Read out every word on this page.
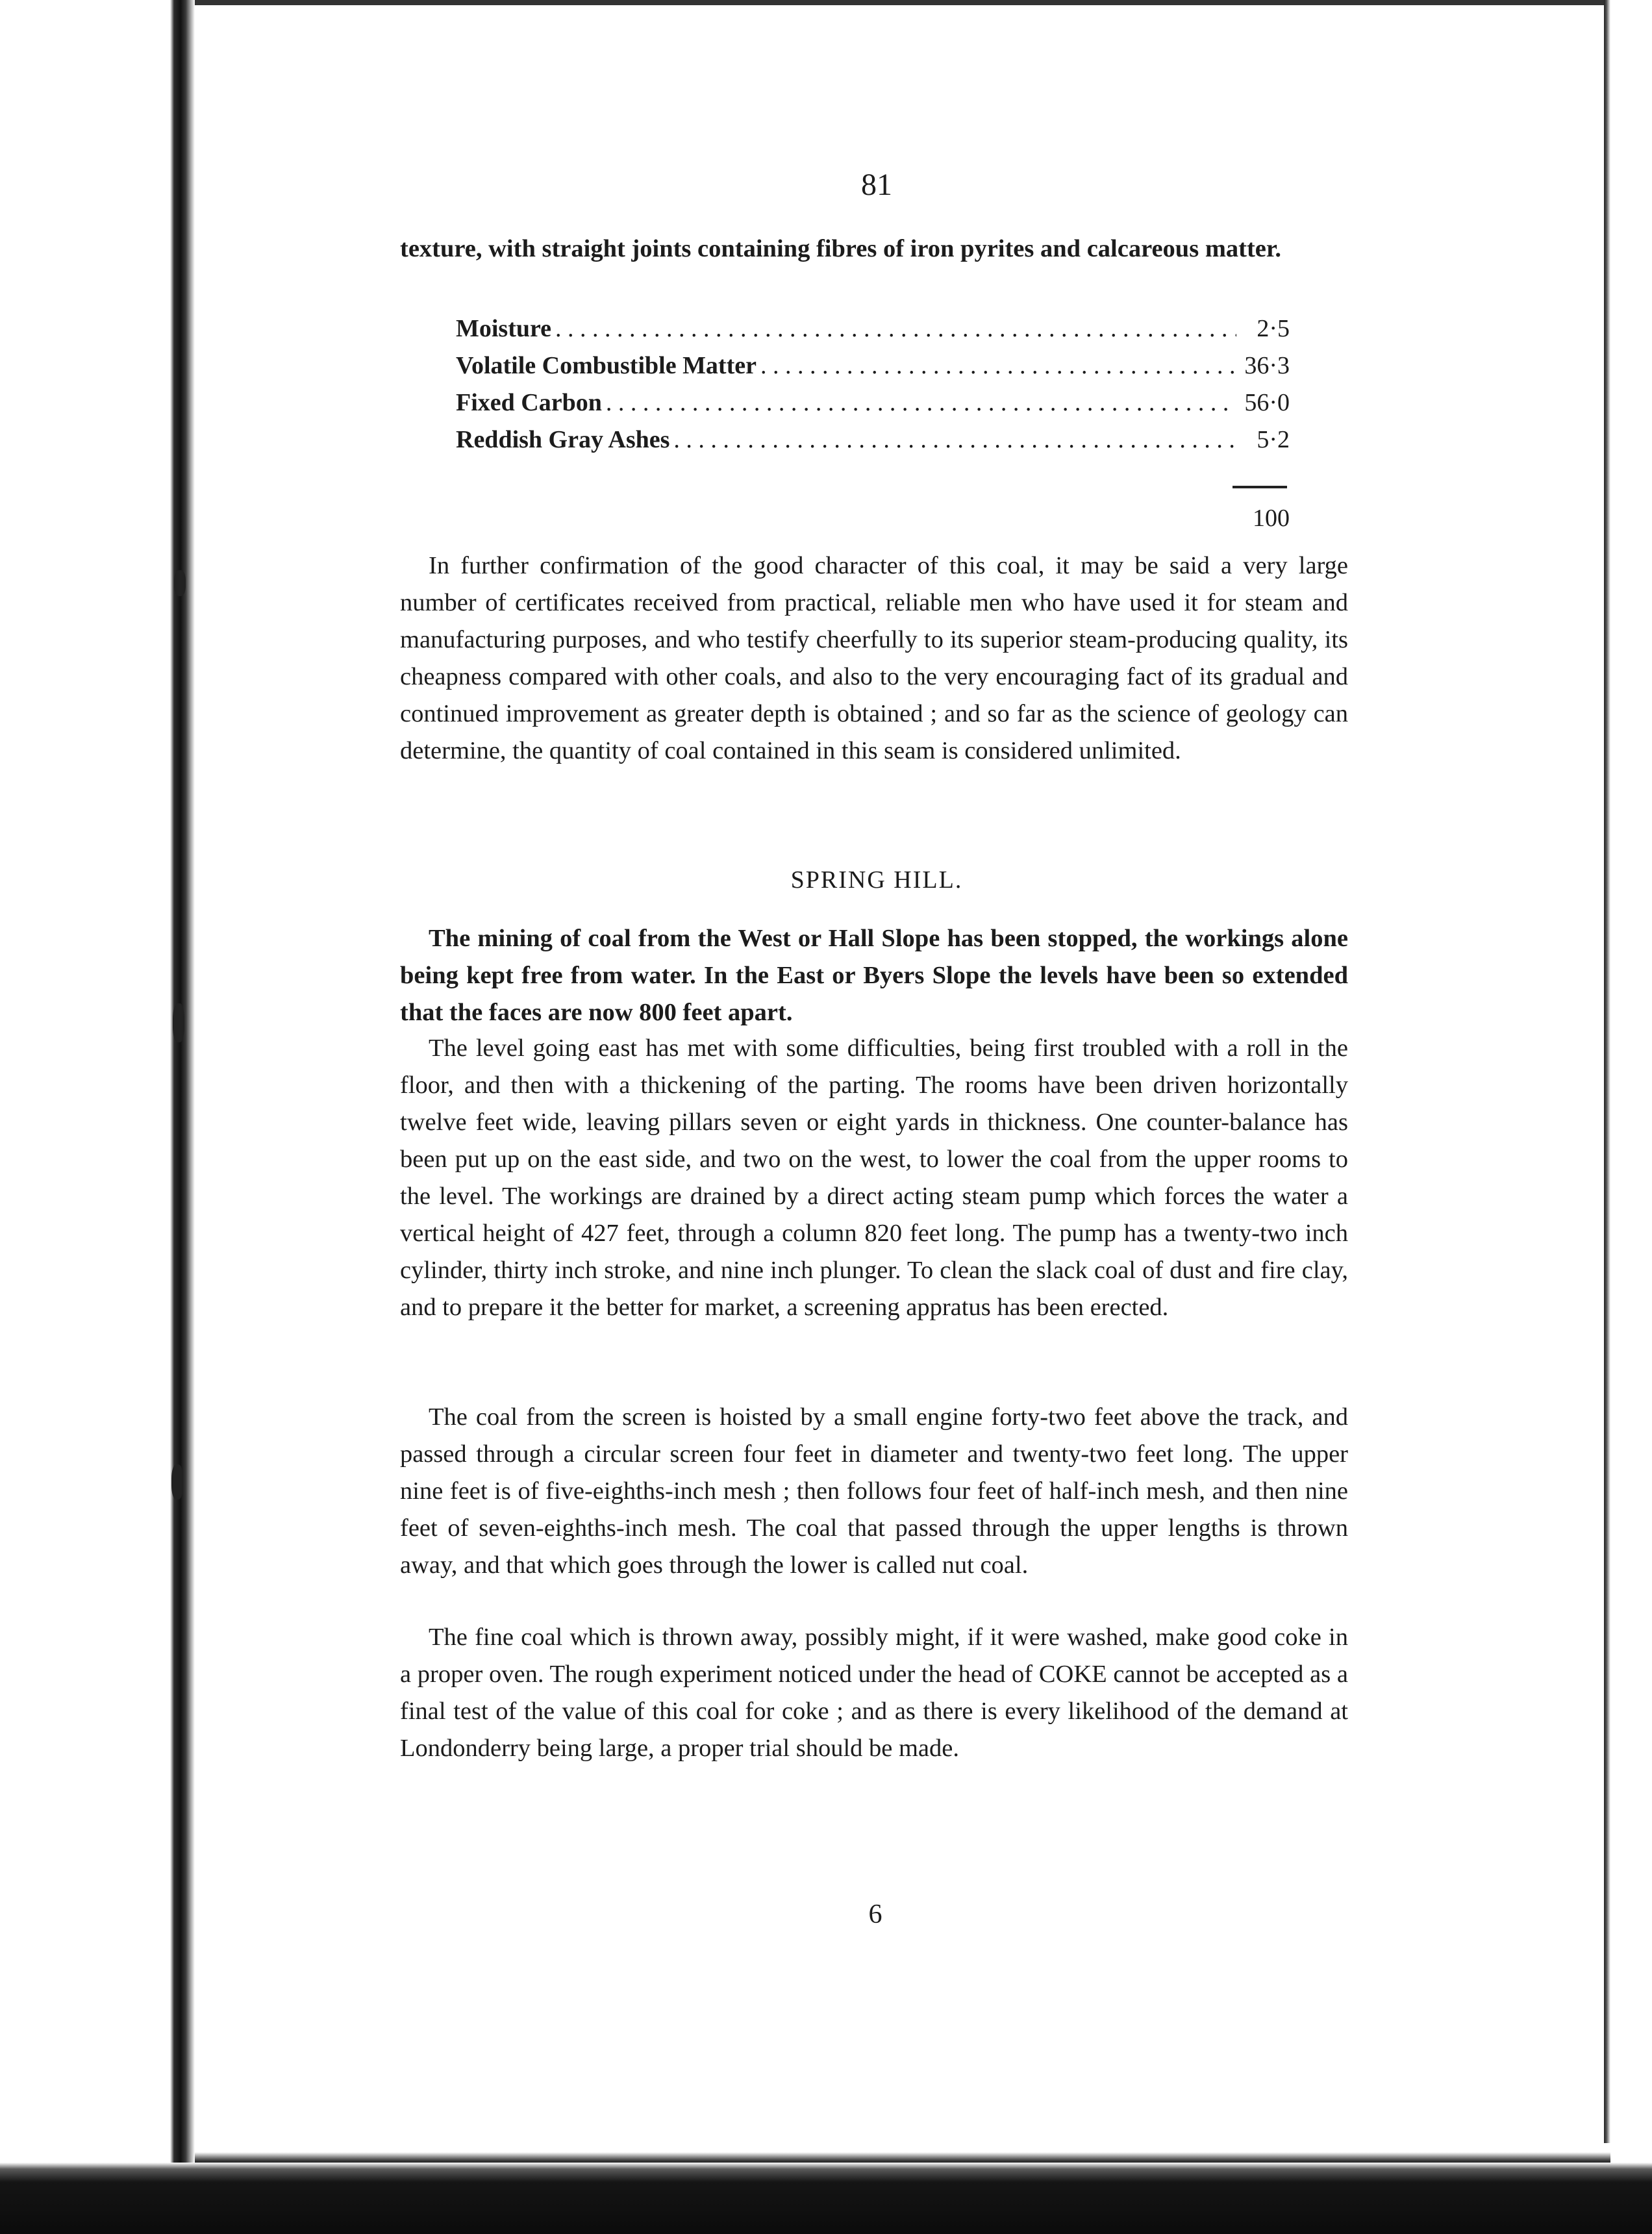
81
texture, with straight joints containing fibres of iron pyrites and calcareous matter.
Moisture . . .	2·5
Volatile Combustible Matter . . .	36·3
Fixed Carbon . . .	56·0
Reddish Gray Ashes . . .	5·2
100
In further confirmation of the good character of this coal, it may be said a very large number of certificates received from practical, reliable men who have used it for steam and manufacturing purposes, and who testify cheerfully to its superior steam-producing quality, its cheapness compared with other coals, and also to the very encouraging fact of its gradual and continued improvement as greater depth is obtained ; and so far as the science of geology can determine, the quantity of coal contained in this seam is considered unlimited.
SPRING HILL.
The mining of coal from the West or Hall Slope has been stopped, the workings alone being kept free from water. In the East or Byers Slope the levels have been so extended that the faces are now 800 feet apart.
The level going east has met with some difficulties, being first troubled with a roll in the floor, and then with a thickening of the parting. The rooms have been driven horizontally twelve feet wide, leaving pillars seven or eight yards in thickness. One counter-balance has been put up on the east side, and two on the west, to lower the coal from the upper rooms to the level. The workings are drained by a direct acting steam pump which forces the water a vertical height of 427 feet, through a column 820 feet long. The pump has a twenty-two inch cylinder, thirty inch stroke, and nine inch plunger. To clean the slack coal of dust and fire clay, and to prepare it the better for market, a screening appratus has been erected.
The coal from the screen is hoisted by a small engine forty-two feet above the track, and passed through a circular screen four feet in diameter and twenty-two feet long. The upper nine feet is of five-eighths-inch mesh ; then follows four feet of half-inch mesh, and then nine feet of seven-eighths-inch mesh. The coal that passed through the upper lengths is thrown away, and that which goes through the lower is called nut coal.
The fine coal which is thrown away, possibly might, if it were washed, make good coke in a proper oven. The rough experiment noticed under the head of COKE cannot be accepted as a final test of the value of this coal for coke ; and as there is every likelihood of the demand at Londonderry being large, a proper trial should be made.
6
